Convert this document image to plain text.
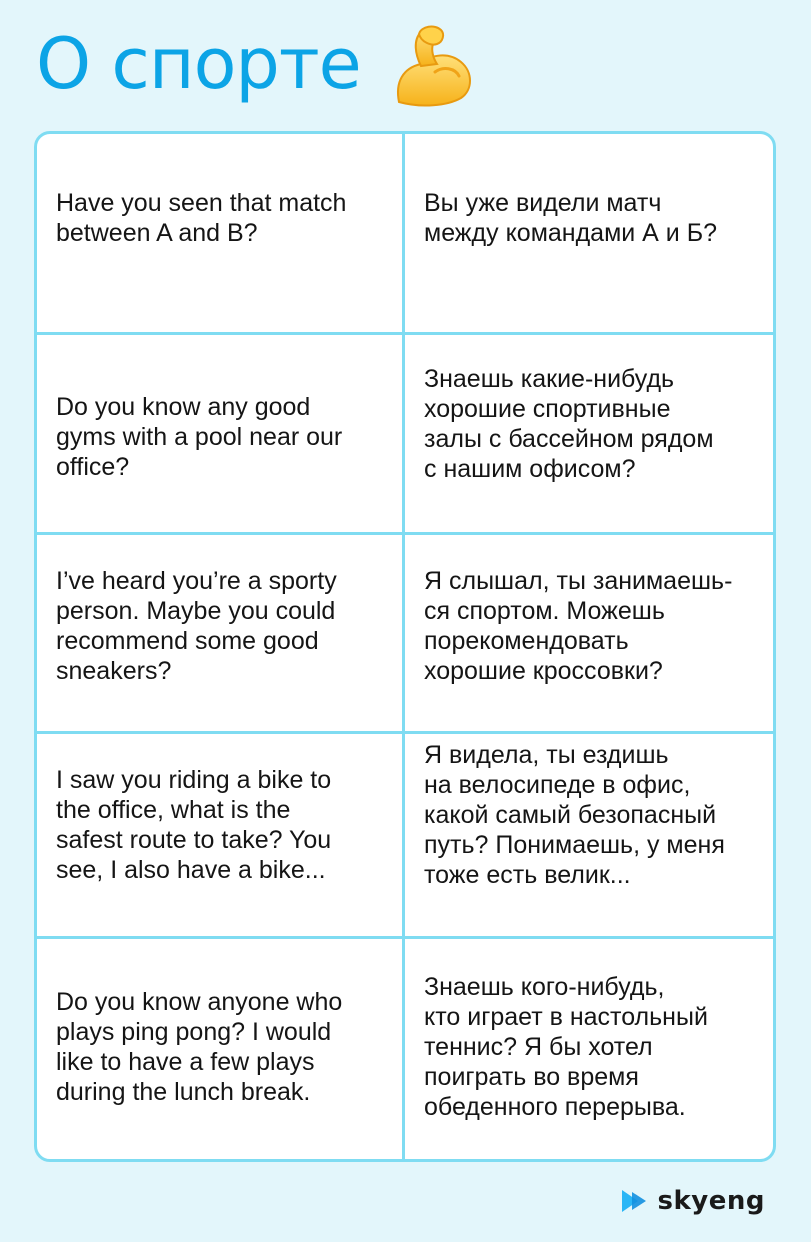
О спорте
Have you seen that match
between A and B?
Вы уже видели матч
между командами А и Б?
Do you know any good
gyms with a pool near our
office?
Знаешь какие-нибудь
хорошие спортивные
залы с бассейном рядом
с нашим офисом?
I’ve heard you’re a sporty
person. Maybe you could
recommend some good
sneakers?
Я слышал, ты занимаешь-
ся спортом. Можешь
порекомендовать
хорошие кроссовки?
I saw you riding a bike to
the office, what is the
safest route to take? You
see, I also have a bike...
Я видела, ты ездишь
на велосипеде в офис,
какой самый безопасный
путь? Понимаешь, у меня
тоже есть велик...
Do you know anyone who
plays ping pong? I would
like to have a few plays
during the lunch break.
Знаешь кого-нибудь,
кто играет в настольный
теннис? Я бы хотел
поиграть во время
обеденного перерыва.
skyeng
